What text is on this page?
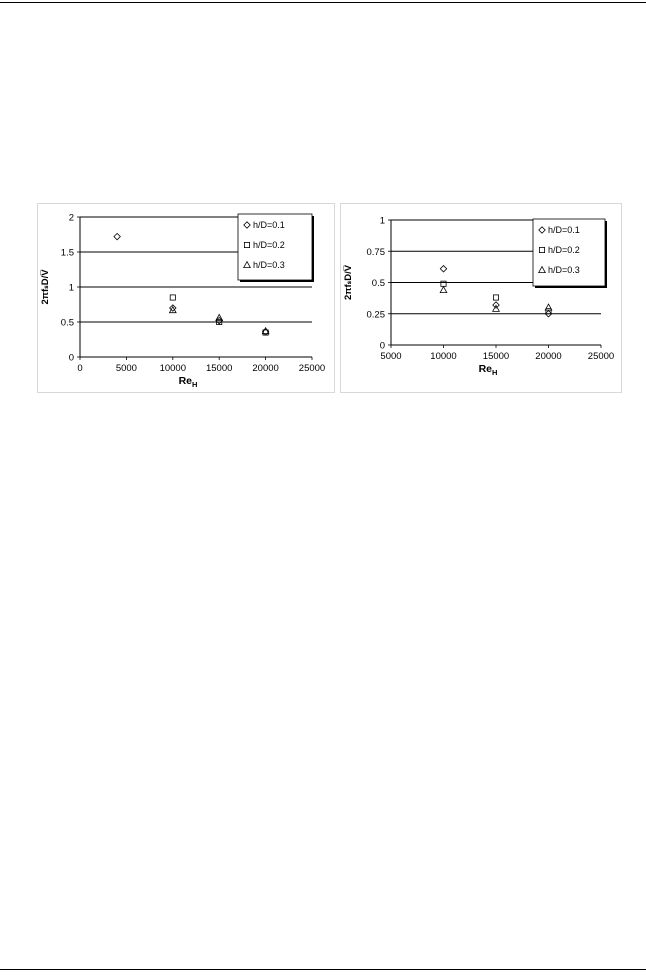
0
0.5
1
1.5
2
0	5000 10000 15000 20000 25000
$Re_H$
2πfₛD/V̅
h/D=0.1
h/D=0.2
h/D=0.3
0
0.25
0.5
0.75
1
5000	10000	15000	20000	25000
$Re_H$
2πfₛD/V̅
h/D=0.1
h/D=0.2
h/D=0.3
